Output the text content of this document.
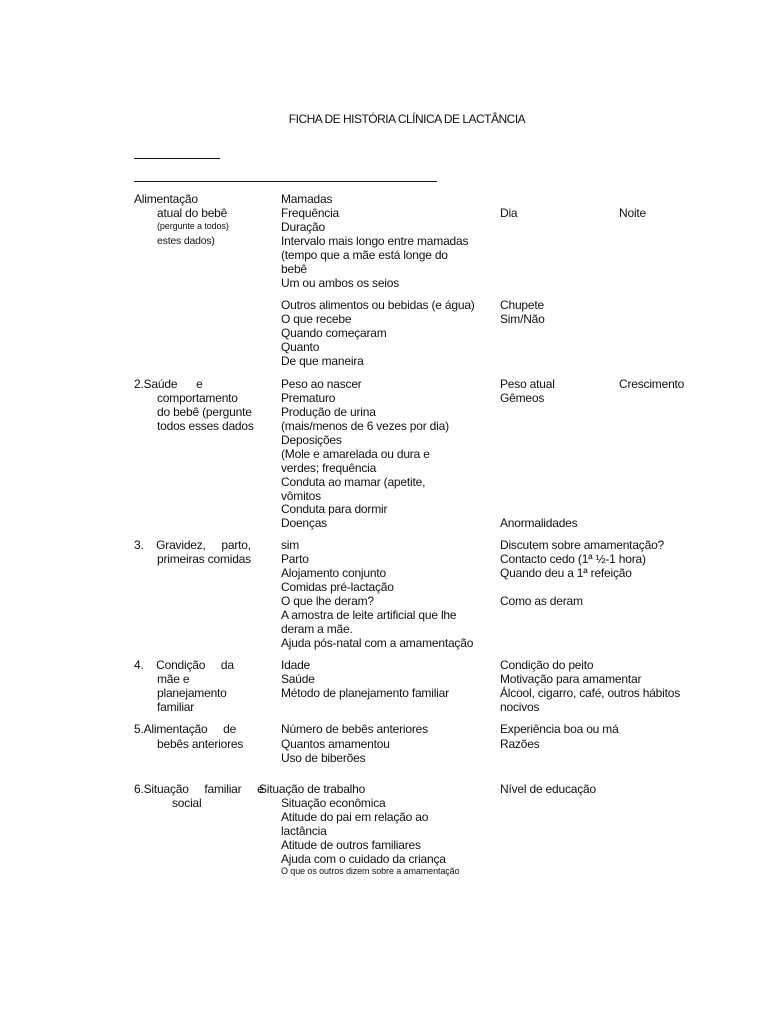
FICHA DE HISTÓRIA CLÍNICA DE LACTÂNCIA
Alimentação
atual do bebê
(pergunte a todos)
estes dados)
Mamadas
Frequência
Duração
Intervalo mais longo entre mamadas
(tempo que a mãe está longe do
bebê
Um ou ambos os seios
Dia	Noite
Outros alimentos ou bebidas (e água)
O que recebe
Quando começaram
Quanto
De que maneira
Chupete
Sim/Não
2.Saúde      e
comportamento
do bebê (pergunte
todos esses dados
Peso ao nascer
Prematuro
Produção de urina
(mais/menos de 6 vezes por dia)
Deposições
(Mole e amarelada ou dura e
verdes; frequência
Conduta ao mamar (apetite,
vômitos
Conduta para dormir
Doenças
Peso atual
Gêmeos
Anormalidades
Crescimento
3.    Gravidez,     parto,
primeiras comidas
sim
Parto
Alojamento conjunto
Comidas pré-lactação
O que lhe deram?
A amostra de leite artificial que lhe
deram a mãe.
Ajuda pós-natal com a amamentação
Discutem sobre amamentação?
Contacto cedo (1ª ½-1 hora)
Quando deu a 1ª refeição
Como as deram
4.    Condição     da
mãe e
planejamento
familiar
Idade
Saúde
Método de planejamento familiar
Condição do peito
Motivação para amamentar
Álcool, cigarro, café, outros hábitos
nocivos
5.Alimentação     de
bebês anteriores
Número de bebês anteriores
Quantos amamentou
Uso de biberões
Experiência boa ou má
Razões
6.Situação     familiar     e
social
Situação de trabalho
Situação econômica
Atitude do pai em relação ao
lactância
Atitude de outros familiares
Ajuda com o cuidado da criança
O que os outros dizem sobre a amamentação
Nível de educação
